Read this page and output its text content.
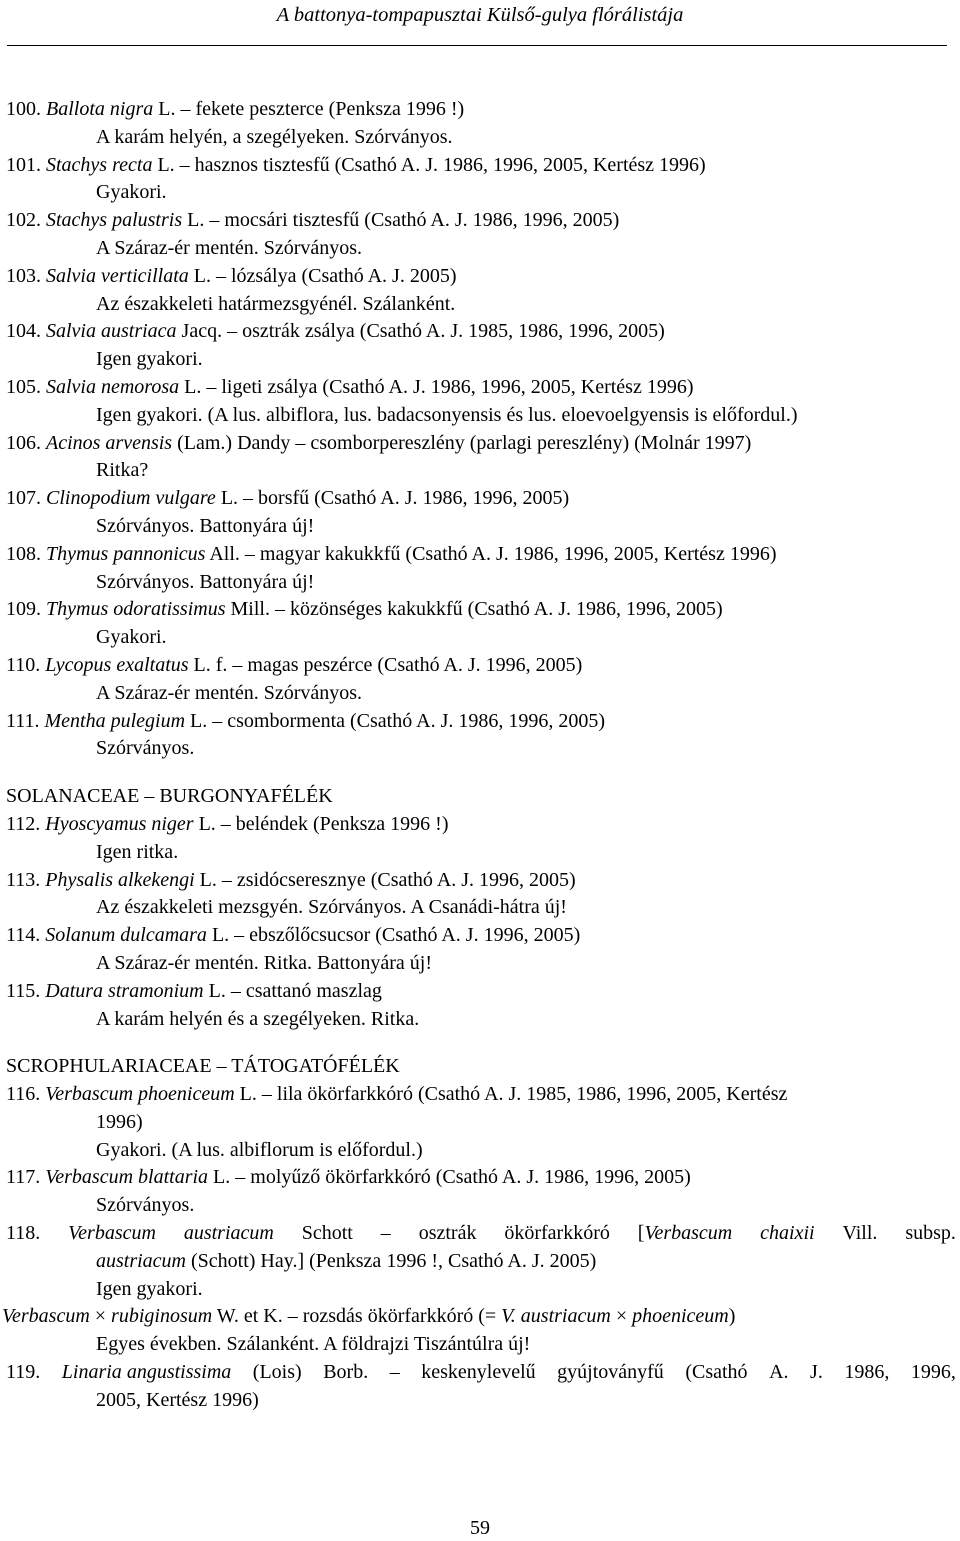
A battonya-tompapusztai Külső-gulya flórálistája
100. Ballota nigra L. – fekete peszterce (Penksza 1996 !)
A karám helyén, a szegélyeken. Szórványos.
101. Stachys recta L. – hasznos tisztesfű (Csathó A. J. 1986, 1996, 2005, Kertész 1996)
Gyakori.
102. Stachys palustris L. – mocsári tisztesfű (Csathó A. J. 1986, 1996, 2005)
A Száraz-ér mentén. Szórványos.
103. Salvia verticillata L. – lózsálya (Csathó A. J. 2005)
Az északkeleti határmezsgyénél. Szálanként.
104. Salvia austriaca Jacq. – osztrák zsálya (Csathó A. J. 1985, 1986, 1996, 2005)
Igen gyakori.
105. Salvia nemorosa L. – ligeti zsálya (Csathó A. J. 1986, 1996, 2005, Kertész 1996)
Igen gyakori. (A lus. albiflora, lus. badacsonyensis és lus. eloevoelgyensis is előfordul.)
106. Acinos arvensis (Lam.) Dandy – csomborpereszlény (parlagi pereszlény) (Molnár 1997)
Ritka?
107. Clinopodium vulgare L. – borsfű (Csathó A. J. 1986, 1996, 2005)
Szórványos. Battonyára új!
108. Thymus pannonicus All. – magyar kakukkfű (Csathó A. J. 1986, 1996, 2005, Kertész 1996)
Szórványos. Battonyára új!
109. Thymus odoratissimus Mill. – közönséges kakukkfű (Csathó A. J. 1986, 1996, 2005)
Gyakori.
110. Lycopus exaltatus L. f. – magas peszérce (Csathó A. J. 1996, 2005)
A Száraz-ér mentén. Szórványos.
111. Mentha pulegium L. – csombormenta (Csathó A. J. 1986, 1996, 2005)
Szórványos.
SOLANACEAE – BURGONYAFÉLÉK
112. Hyoscyamus niger L. – beléndek (Penksza 1996 !)
Igen ritka.
113. Physalis alkekengi L. – zsidócseresznye (Csathó A. J. 1996, 2005)
Az északkeleti mezsgyén. Szórványos. A Csanádi-hátra új!
114. Solanum dulcamara L. – ebszőlőcsucsor (Csathó A. J. 1996, 2005)
A Száraz-ér mentén. Ritka. Battonyára új!
115. Datura stramonium L. – csattanó maszlag
A karám helyén és a szegélyeken. Ritka.
SCROPHULARIACEAE – TÁTOGATÓFÉLÉK
116. Verbascum phoeniceum L. – lila ökörfarkkóró (Csathó A. J. 1985, 1986, 1996, 2005, Kertész
1996)
Gyakori. (A lus. albiflorum is előfordul.)
117. Verbascum blattaria L. – molyűző ökörfarkkóró (Csathó A. J. 1986, 1996, 2005)
Szórványos.
118. Verbascum austriacum Schott – osztrák ökörfarkkóró [Verbascum chaixii Vill. subsp.
austriacum (Schott) Hay.] (Penksza 1996 !, Csathó A. J. 2005)
Igen gyakori.
Verbascum × rubiginosum W. et K. – rozsdás ökörfarkkóró (= V. austriacum × phoeniceum)
Egyes években. Szálanként. A földrajzi Tiszántúlra új!
119. Linaria angustissima (Lois) Borb. – keskenylevelű gyújtoványfű (Csathó A. J. 1986, 1996,
2005, Kertész 1996)
59
